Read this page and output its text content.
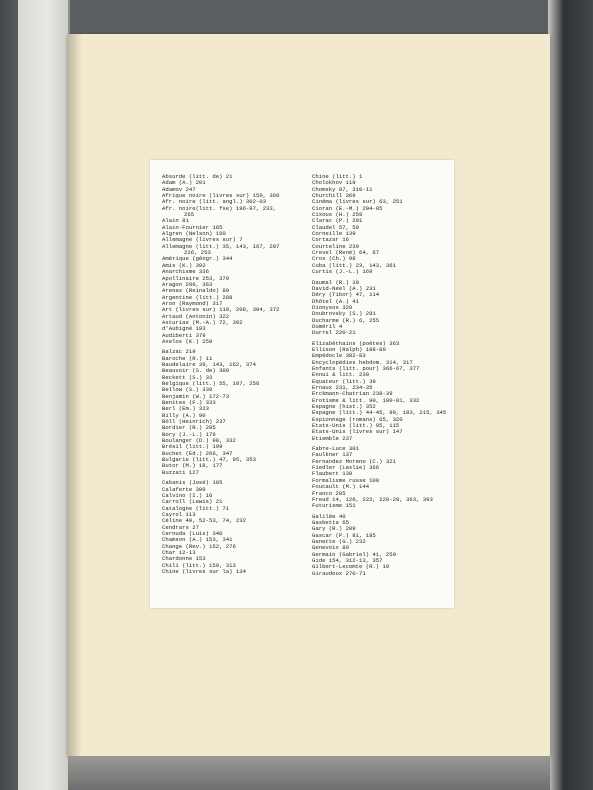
Absurde (litt. de) 21
Adam (A.) 201
Adamov 247
Afrique noire (livres sur) 150, 360
Afr. noire (litt. angl.) 302-03
Afr. noire(litt. fse) 196-97, 233,
265
Alain 81
Alain-Fournier 185
Algren (Nelson) 160
Allemagne (livres sur) 7
Allemagne (litt.) 35, 143, 167, 207
226, 253
Amérique (géogr.) 344
Amis (K.) 392
Anarchisme 336
Apollinaire 253, 379
Aragon 299, 363
Arenas (Reinaldo) 89
Argentine (litt.) 288
Aron (Raymond) 317
Art (livres sur) 110, 208, 304, 372
Artaud (Antonin) 322
Asturias (M.-A.) 72, 392
d'Aubigné 193
Audiberti 379
Axelos (K.) 259
Balzac 219
Baroche (R.) 11
Baudelaire 39, 143, 162, 374
Beauvoir (S. de) 309
Beckett (S.) 33
Belgique (litt.) 55, 107, 256
Bellow (S.) 330
Benjamin (W.) 172-73
Benites (F.) 333
Berl (Em.) 323
Billy (A.) 90
Böll (Heinrich) 237
Bordier (R.) 285
Bory (J.-L.) 176
Boulanger (D.) 98, 332
Brésil (litt.) 199
Buchet (Ed.) 266, 347
Bulgarie (litt.) 47, 95, 353
Butor (M.) 18, 177
Buzzati 127
Cabanis (José) 105
Calaferte 300
Calvino (I.) 16
Carroll (Lewis) 21
Catalogne (litt.) 71
Cayrol 113
Céline 49, 52-53, 74, 232
Cendrars 27
Cernuda (Luis) 340
Chamson (A.) 153, 341
Change (Rev.) 152, 276
Char 12-13
Chardonne 153
Chili (litt.) 159, 313
Chine (livres sur la) 134
Chine (litt.) 1
Cholokhov 119
Chomsky 87, 310-11
Churchill 369
Cinéma (livres sur) 63, 251
Cioran (E.-M.) 204-05
Cixous (H.) 259
Clarac (P.) 201
Claudel 57, 59
Corneille 139
Cortazar 16
Courteline 239
Crevel (René) 64, 67
Cros (Ch.) 98
Cuba (litt.) 23, 143, 361
Curtis (J.-L.) 169
Daumal (R.) 10
David-Neel (A.) 231
Déry (Tibor) 47, 114
Dhôtel (A.) 41
Dionysos 329
Doubrovsky (S.) 291
Ducharme (R.) 6, 255
Duméril 4
Durrel 220-21
Elizabéthains (poètes) 363
Ellison (Ralph) 188-89
Empédocle 382-83
Encyclopédies hebdom. 314, 317
Enfants (litt. pour) 366-67, 377
Ennui & litt. 230
Equateur (litt.) 39
Ernaux 231, 234-35
Erckmann-Chatrian 238-39
Erotisme & litt. 90, 180-81, 332
Espagne (hist.) 352
Espagne (litt.) 44-45, 99, 183, 215, 345
Espionnage (romans) 65, 320
Etats-Unis (litt.) 95, 115
Etats-Unis (livres sur) 147
Etiemble 237
Fabre-Luce 301
Faulkner 137
Fernandez Moreno (C.) 321
Fiedler (Leslie) 366
Flaubert 139
Formalisme russe 100
Foucault (M.) 144
Franco 285
Freud 14, 126, 222, 228-29, 363, 393
Futurisme 151
Galilée 40
Gasbetta 65
Gary (R.) 209
Gascar (P.) 81, 185
Genette (G.) 232
Genevoix 89
Germain (Gabriel) 41, 259
Gide 154, 312-13, 357
Gilbert-Lecomte (R.) 10
Giraudoux 270-71
